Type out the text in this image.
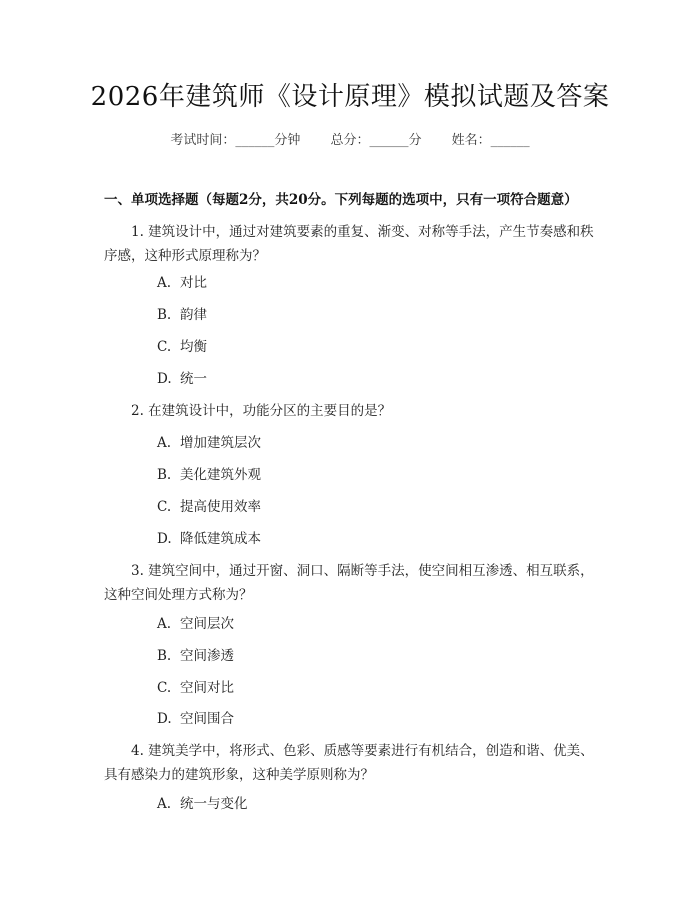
2026年建筑师《设计原理》模拟试题及答案
考试时间：______分钟 总分：______分 姓名：______
一、单项选择题（每题2分，共20分。下列每题的选项中，只有一项符合题意）

1. 建筑设计中，通过对建筑要素的重复、渐变、对称等手法，产生节奏感和秩序感，这种形式原理称为？

A. 对比
B. 韵律
C. 均衡
D. 统一

2. 在建筑设计中，功能分区的主要目的是？

A. 增加建筑层次
B. 美化建筑外观
C. 提高使用效率
D. 降低建筑成本

3. 建筑空间中，通过开窗、洞口、隔断等手法，使空间相互渗透、相互联系，这种空间处理方式称为？

A. 空间层次
B. 空间渗透
C. 空间对比
D. 空间围合

4. 建筑美学中，将形式、色彩、质感等要素进行有机结合，创造和谐、优美、具有感染力的建筑形象，这种美学原则称为？

A. 统一与变化
